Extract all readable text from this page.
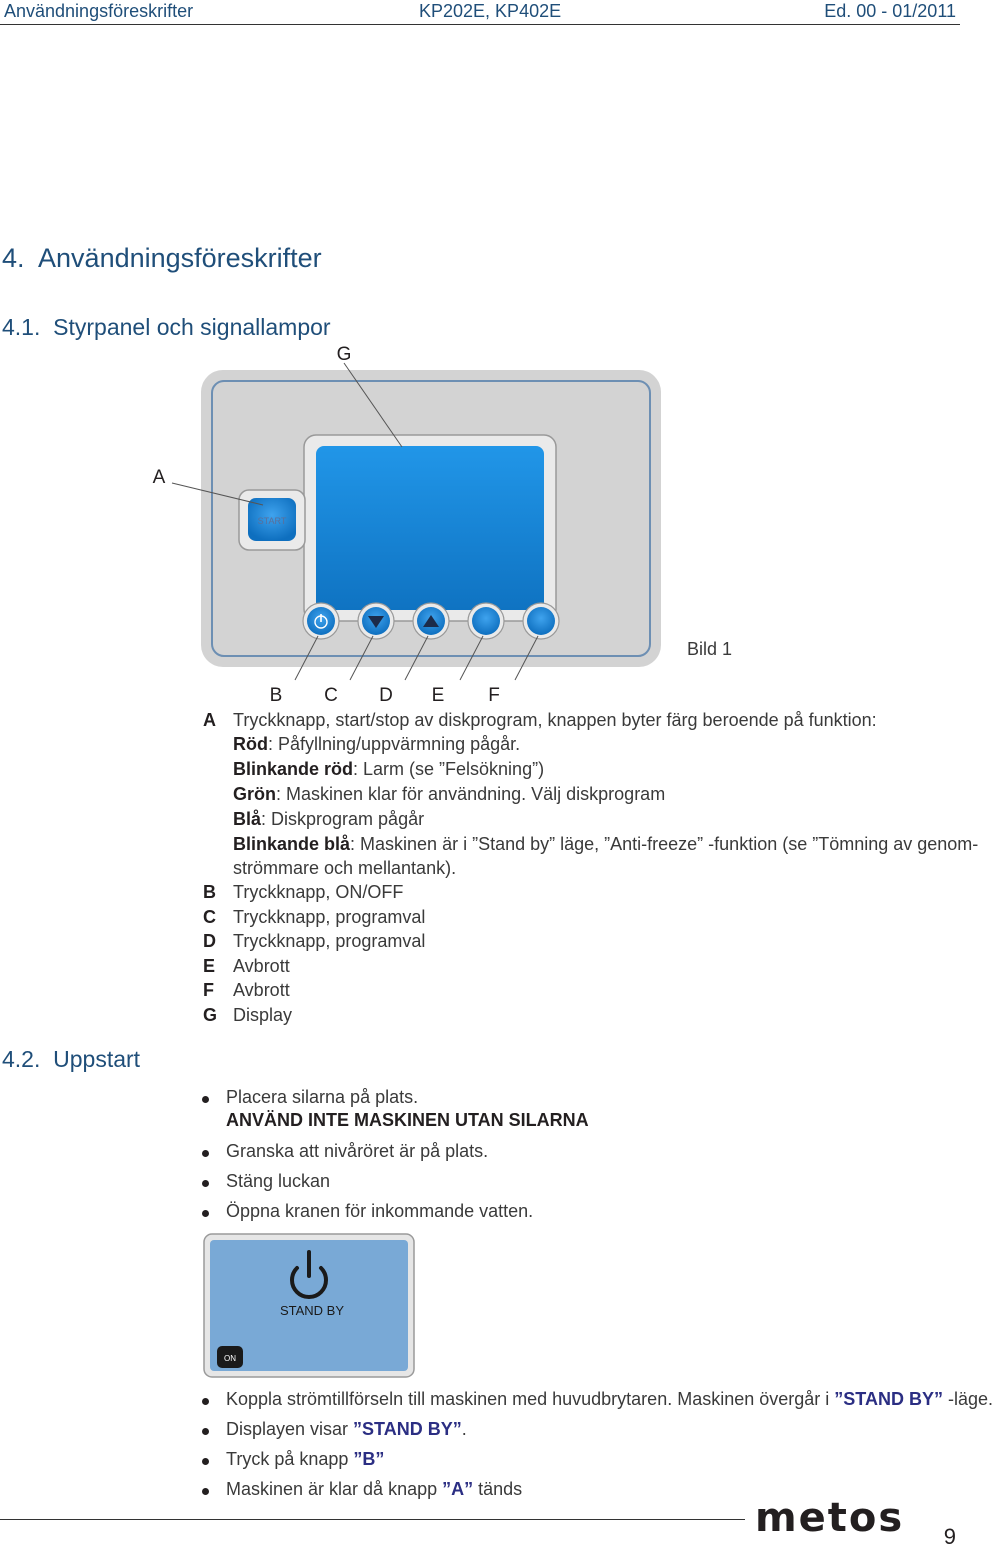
Användningsföreskrifter	KP202E, KP402E	Ed. 00 - 01/2011
4.  Användningsföreskrifter
4.1.  Styrpanel och signallampor
START
G
A
B C D E F
Bild 1
A Tryckknapp, start/stop av diskprogram, knappen byter färg beroende på funktion:
Röd: Påfyllning/uppvärmning pågår.
Blinkande röd: Larm (se ”Felsökning”)
Grön: Maskinen klar för användning. Välj diskprogram
Blå: Diskprogram pågår
Blinkande blå: Maskinen är i ”Stand by” läge, ”Anti-freeze” -funktion (se ”Tömning av genom-
strömmare och mellantank).
B Tryckknapp, ON/OFF
C Tryckknapp, programval
D Tryckknapp, programval
E Avbrott
F Avbrott
G Display
4.2.  Uppstart
Placera silarna på plats.
ANVÄND INTE MASKINEN UTAN SILARNA
Granska att nivåröret är på plats.
Stäng luckan
Öppna kranen för inkommande vatten.
STAND BY
ON
Koppla strömtillförseln till maskinen med huvudbrytaren. Maskinen övergår i ”STAND BY” -läge.
Displayen visar ”STAND BY”.
Tryck på knapp ”B”
Maskinen är klar då knapp ”A” tänds
metos 9
